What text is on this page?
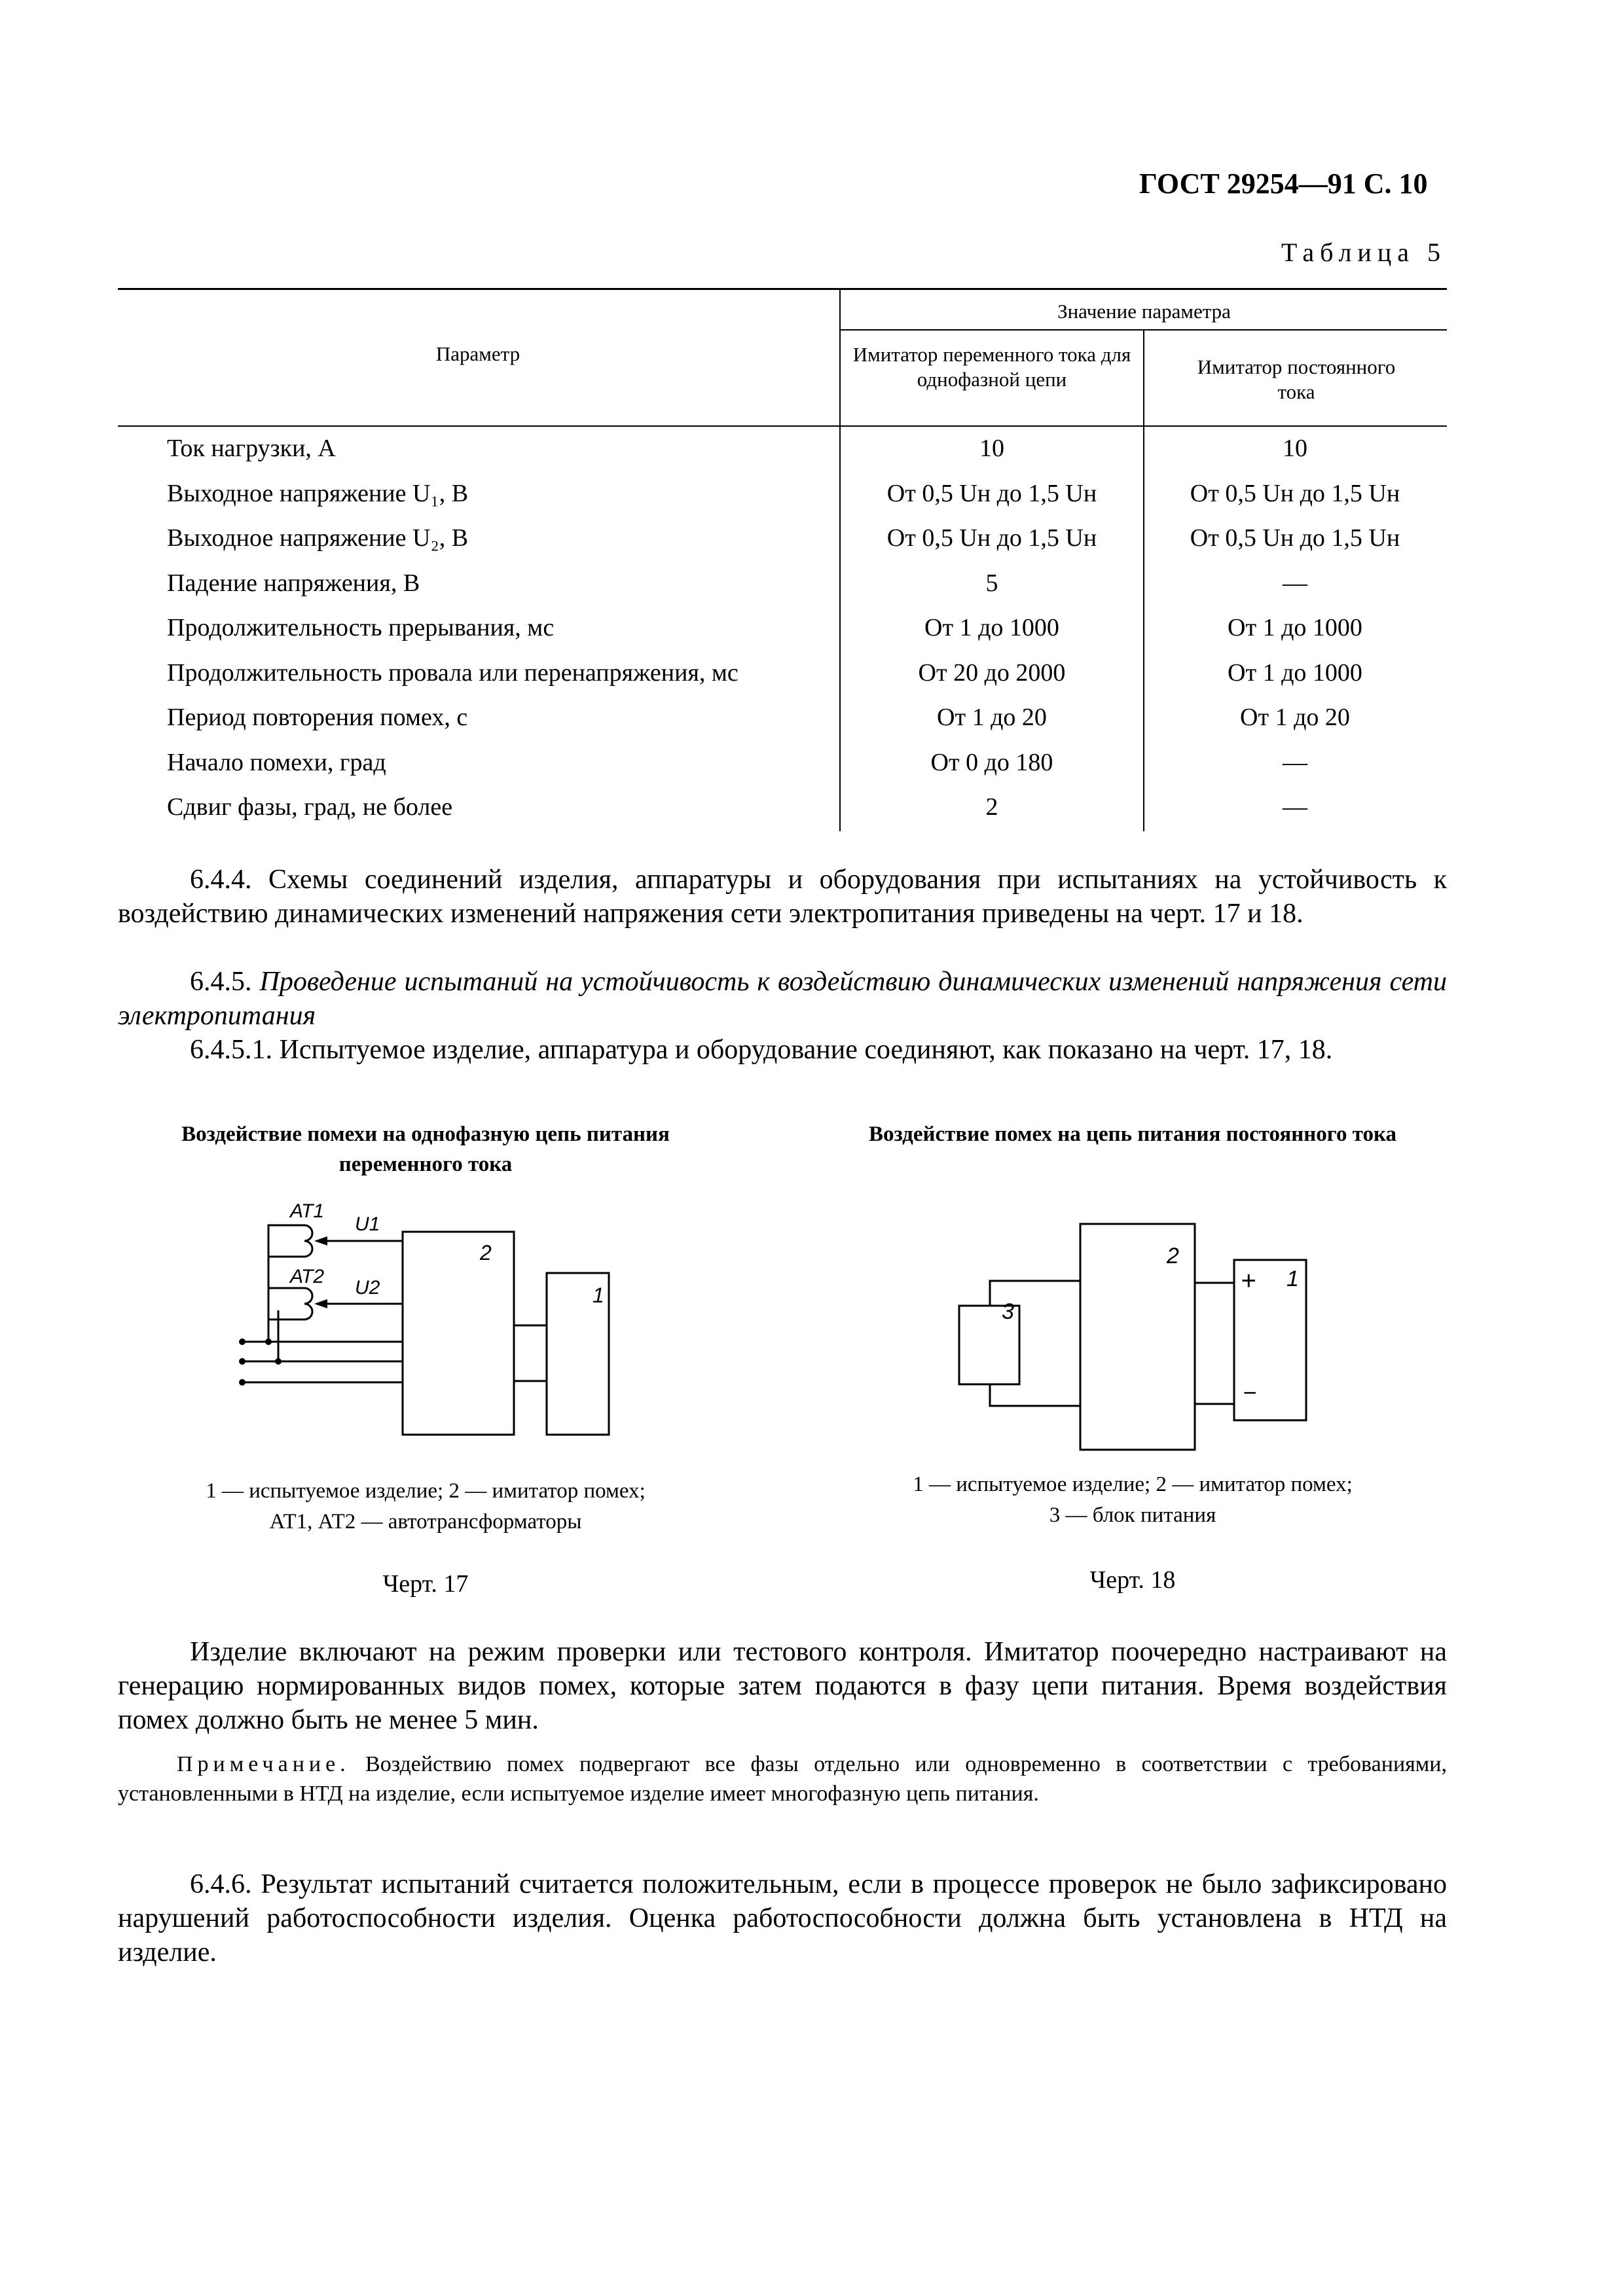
ГОСТ 29254—91 С. 10
Таблица 5
Параметр
Значение параметра
Имитатор переменного тока для однофазной цепи
Имитатор постоянного тока
Ток нагрузки, А	10	10
Выходное напряжение U₁, В	От 0,5 Uн до 1,5 Uн	От 0,5 Uн до 1,5 Uн
Выходное напряжение U₂, В	От 0,5 Uн до 1,5 Uн	От 0,5 Uн до 1,5 Uн
Падение напряжения, В	5	—
Продолжительность прерывания, мс	От 1 до 1000	От 1 до 1000
Продолжительность провала или перенапряжения, мс	От 20 до 2000	От 1 до 1000
Период повторения помех, с	От 1 до 20	От 1 до 20
Начало помехи, град	От 0 до 180	—
Сдвиг фазы, град, не более	2	—
6.4.4. Схемы соединений изделия, аппаратуры и оборудования при испытаниях на устойчивость к воздействию динамических изменений напряжения сети электропитания приведены на черт. 17 и 18.
6.4.5. Проведение испытаний на устойчивость к воздействию динамических изменений напряжения сети электропитания
6.4.5.1. Испытуемое изделие, аппаратура и оборудование соединяют, как показано на черт. 17, 18.
Воздействие помехи на однофазную цепь питания переменного тока
АТ1
АТ2
U1
U2
2
1
1 — испытуемое изделие; 2 — имитатор помех;
АТ1, АТ2 — автотрансформаторы
Черт. 17
Воздействие помех на цепь питания постоянного тока
2
1
3
+
−
1 — испытуемое изделие; 2 — имитатор помех;
3 — блок питания
Черт. 18
Изделие включают на режим проверки или тестового контроля. Имитатор поочередно настраивают на генерацию нормированных видов помех, которые затем подаются в фазу цепи питания. Время воздействия помех должно быть не менее 5 мин.
Примечание. Воздействию помех подвергают все фазы отдельно или одновременно в соответствии с требованиями, установленными в НТД на изделие, если испытуемое изделие имеет многофазную цепь питания.
6.4.6. Результат испытаний считается положительным, если в процессе проверок не было зафиксировано нарушений работоспособности изделия. Оценка работоспособности должна быть установлена в НТД на изделие.
